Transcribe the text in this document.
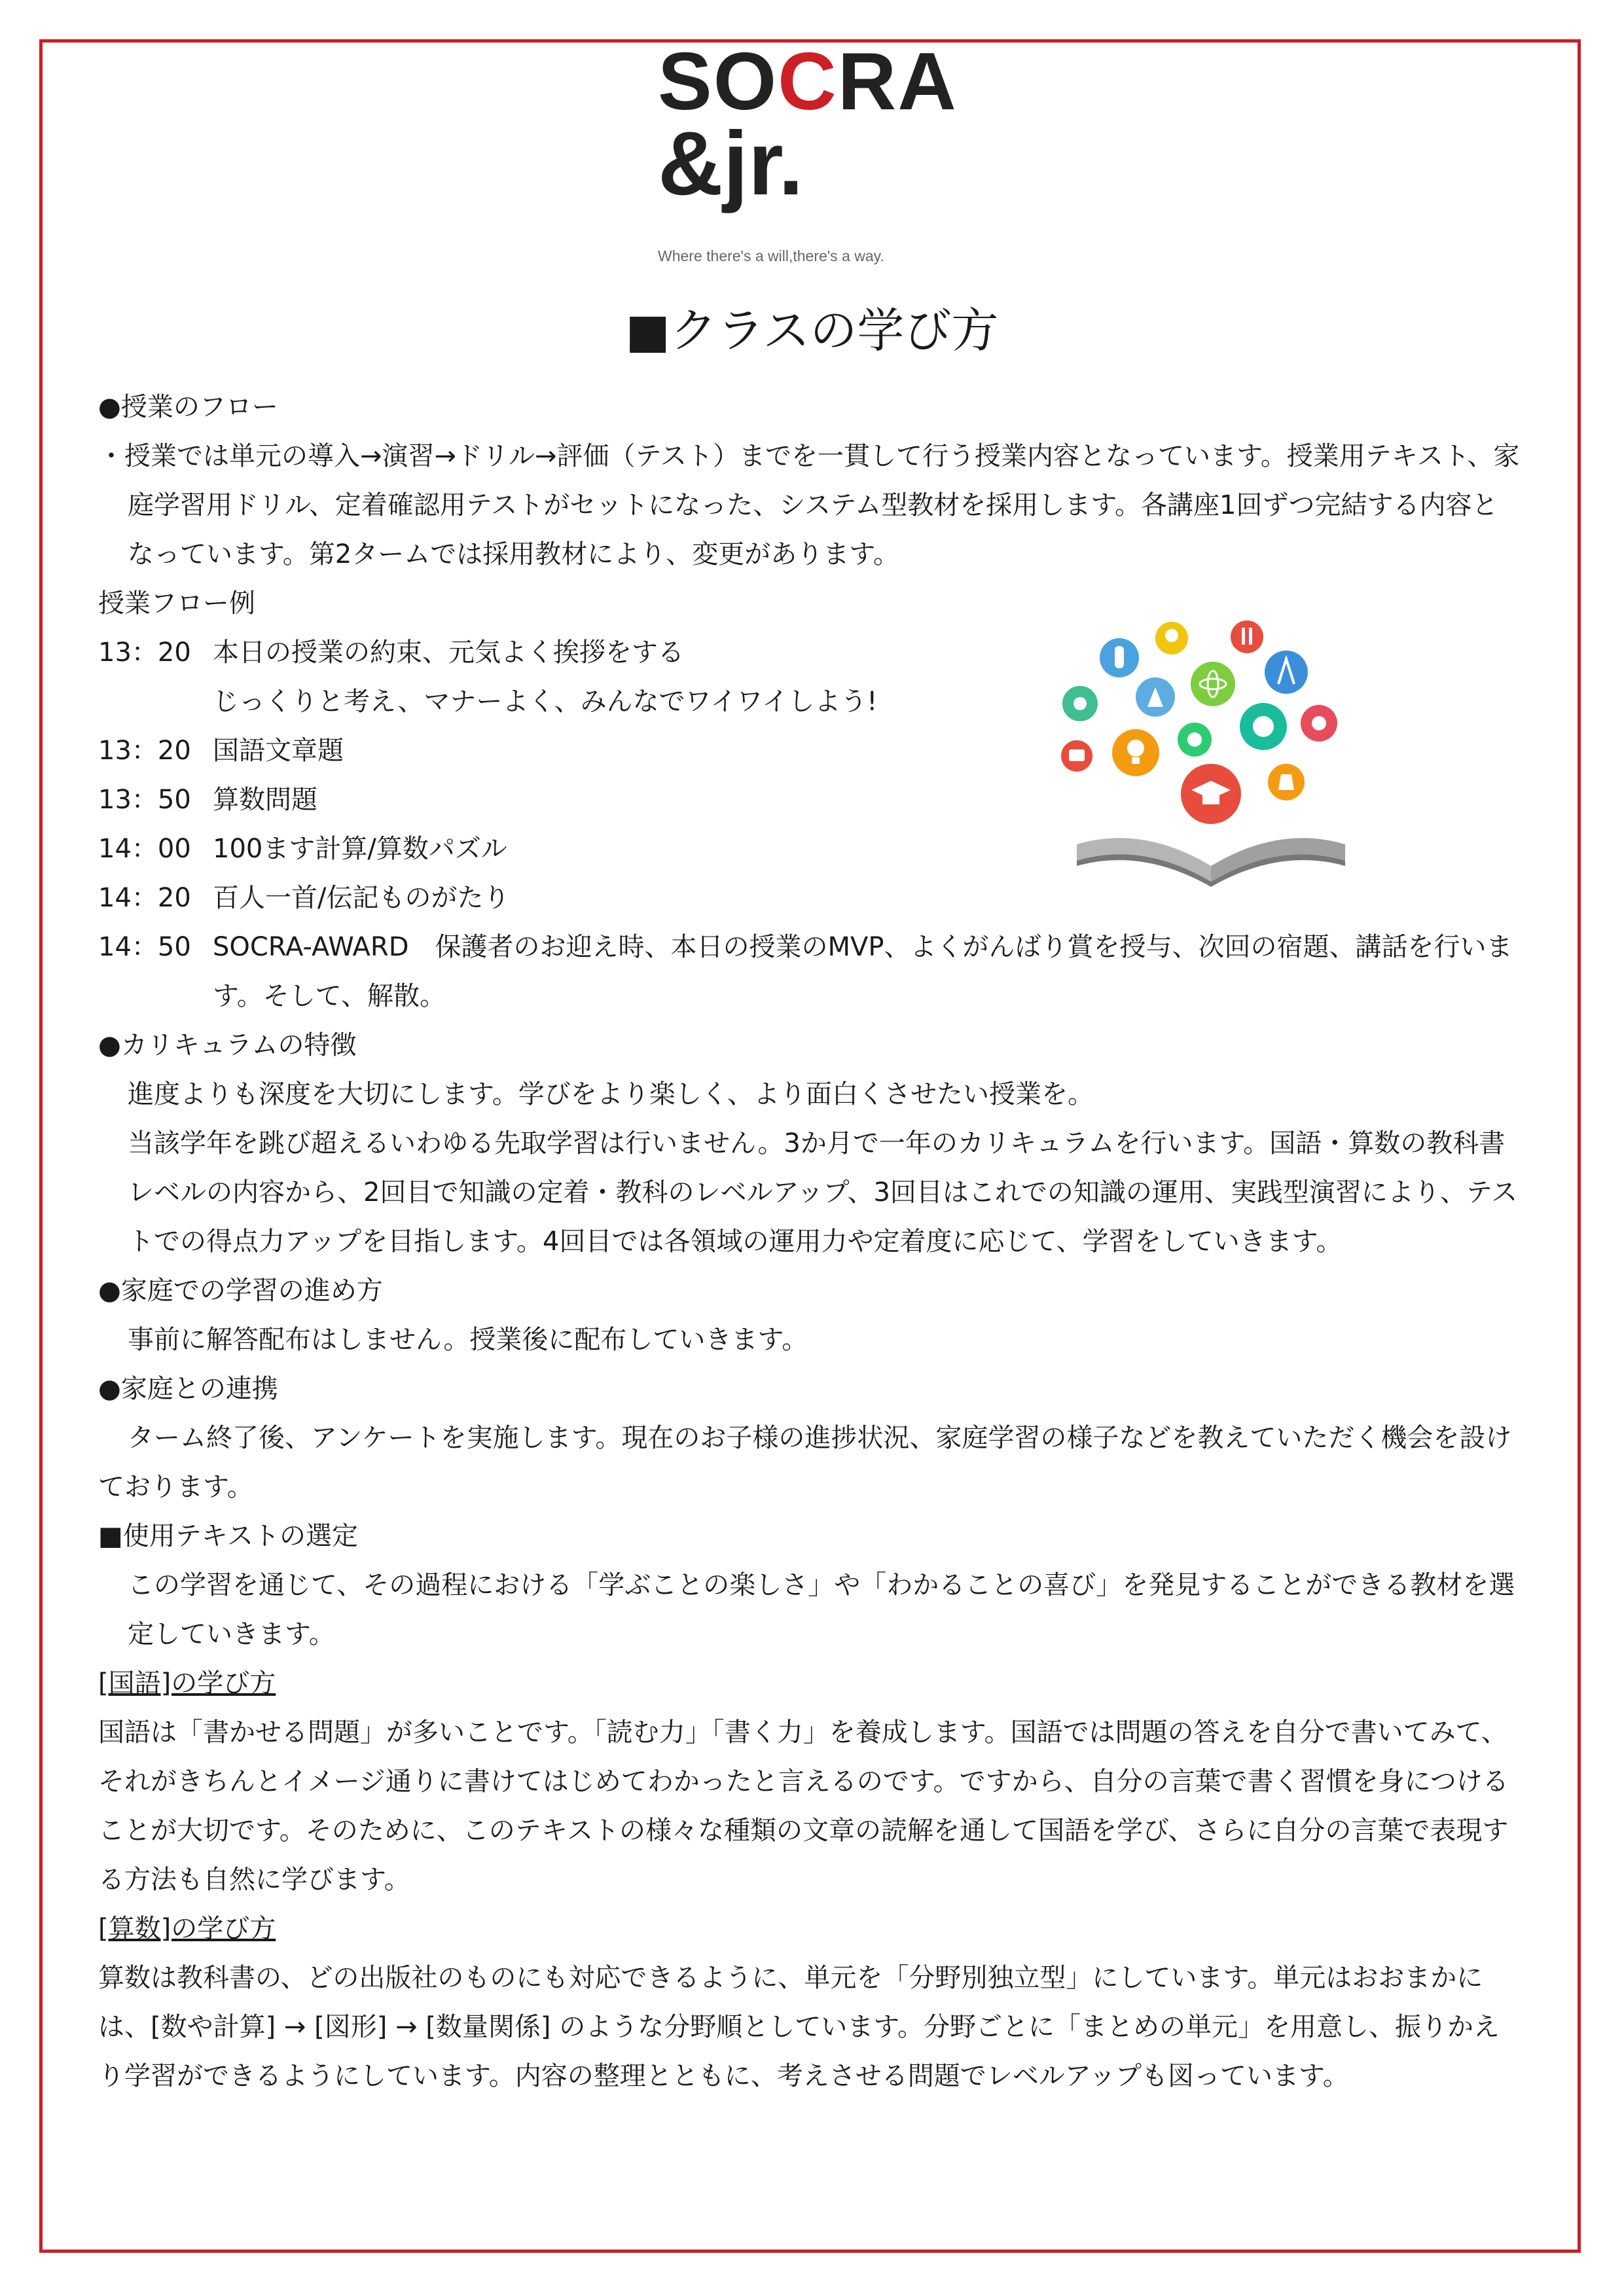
SOCRA
&jr.
Where there's a will,there's a way.
■クラスの学び方

●授業のフロー

・授業では単元の導入→演習→ドリル→評価（テスト）までを一貫して行う授業内容となっています。授業用テキスト、家庭学習用ドリル、定着確認用テストがセットになった、システム型教材を採用します。各講座1回ずつ完結する内容となっています。第2タームでは採用教材により、変更があります。

授業フロー例

13：20 本日の授業の約束、元気よく挨拶をする
じっくりと考え、マナーよく、みんなでワイワイしよう!
13：20 国語文章題
13：50 算数問題
14：00 100ます計算/算数パズル
14：20 百人一首/伝記ものがたり
14：50 SOCRA-AWARD　保護者のお迎え時、本日の授業のMVP、よくがんばり賞を授与、次回の宿題、講話を行います。そして、解散。

●カリキュラムの特徴

進度よりも深度を大切にします。学びをより楽しく、より面白くさせたい授業を。

当該学年を跳び超えるいわゆる先取学習は行いません。3か月で一年のカリキュラムを行います。国語・算数の教科書レベルの内容から、2回目で知識の定着・教科のレベルアップ、3回目はこれでの知識の運用、実践型演習により、テストでの得点力アップを目指します。4回目では各領域の運用力や定着度に応じて、学習をしていきます。

●家庭での学習の進め方

事前に解答配布はしません。授業後に配布していきます。

●家庭との連携

ターム終了後、アンケートを実施します。現在のお子様の進捗状況、家庭学習の様子などを教えていただく機会を設けております。

■使用テキストの選定

この学習を通じて、その過程における「学ぶことの楽しさ」や「わかることの喜び」を発見することができる教材を選定していきます。

[国語]の学び方

国語は「書かせる問題」が多いことです。「読む力」「書く力」を養成します。国語では問題の答えを自分で書いてみて、それがきちんとイメージ通りに書けてはじめてわかったと言えるのです。ですから、自分の言葉で書く習慣を身につけることが大切です。そのために、このテキストの様々な種類の文章の読解を通して国語を学び、さらに自分の言葉で表現する方法も自然に学びます。

[算数]の学び方

算数は教科書の、どの出版社のものにも対応できるように、単元を「分野別独立型」にしています。単元はおおまかには、[数や計算] → [図形] → [数量関係] のような分野順としています。分野ごとに「まとめの単元」を用意し、振りかえり学習ができるようにしています。内容の整理とともに、考えさせる問題でレベルアップも図っています。
